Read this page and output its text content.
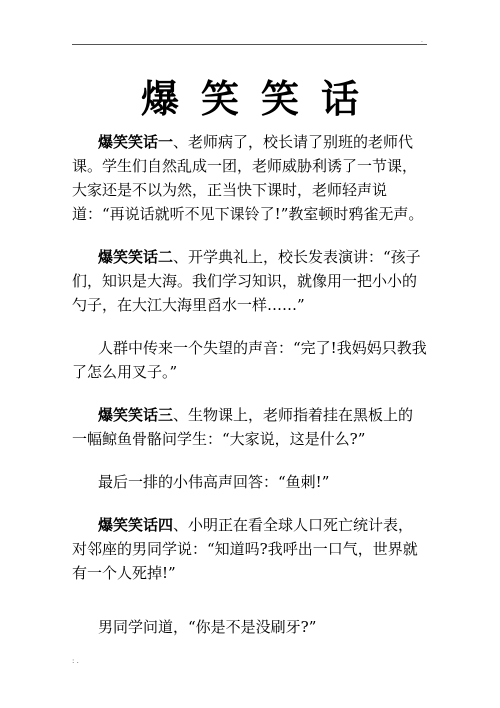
.
爆笑笑话

爆笑笑话一、老师病了，校长请了别班的老师代课。学生们自然乱成一团，老师威胁利诱了一节课，大家还是不以为然，正当快下课时，老师轻声说道：“再说话就听不见下课铃了!”教室顿时鸦雀无声。

爆笑笑话二、开学典礼上，校长发表演讲：“孩子们，知识是大海。我们学习知识，就像用一把小小的勺子，在大江大海里舀水一样……”

人群中传来一个失望的声音：“完了!我妈妈只教我了怎么用叉子。”

爆笑笑话三、生物课上，老师指着挂在黑板上的一幅鲸鱼骨骼问学生：“大家说，这是什么?”

最后一排的小伟高声回答：“鱼刺!”

爆笑笑话四、小明正在看全球人口死亡统计表，对邻座的男同学说：“知道吗?我呼出一口气，世界就有一个人死掉!”

男同学问道，“你是不是没刷牙?”

: .
